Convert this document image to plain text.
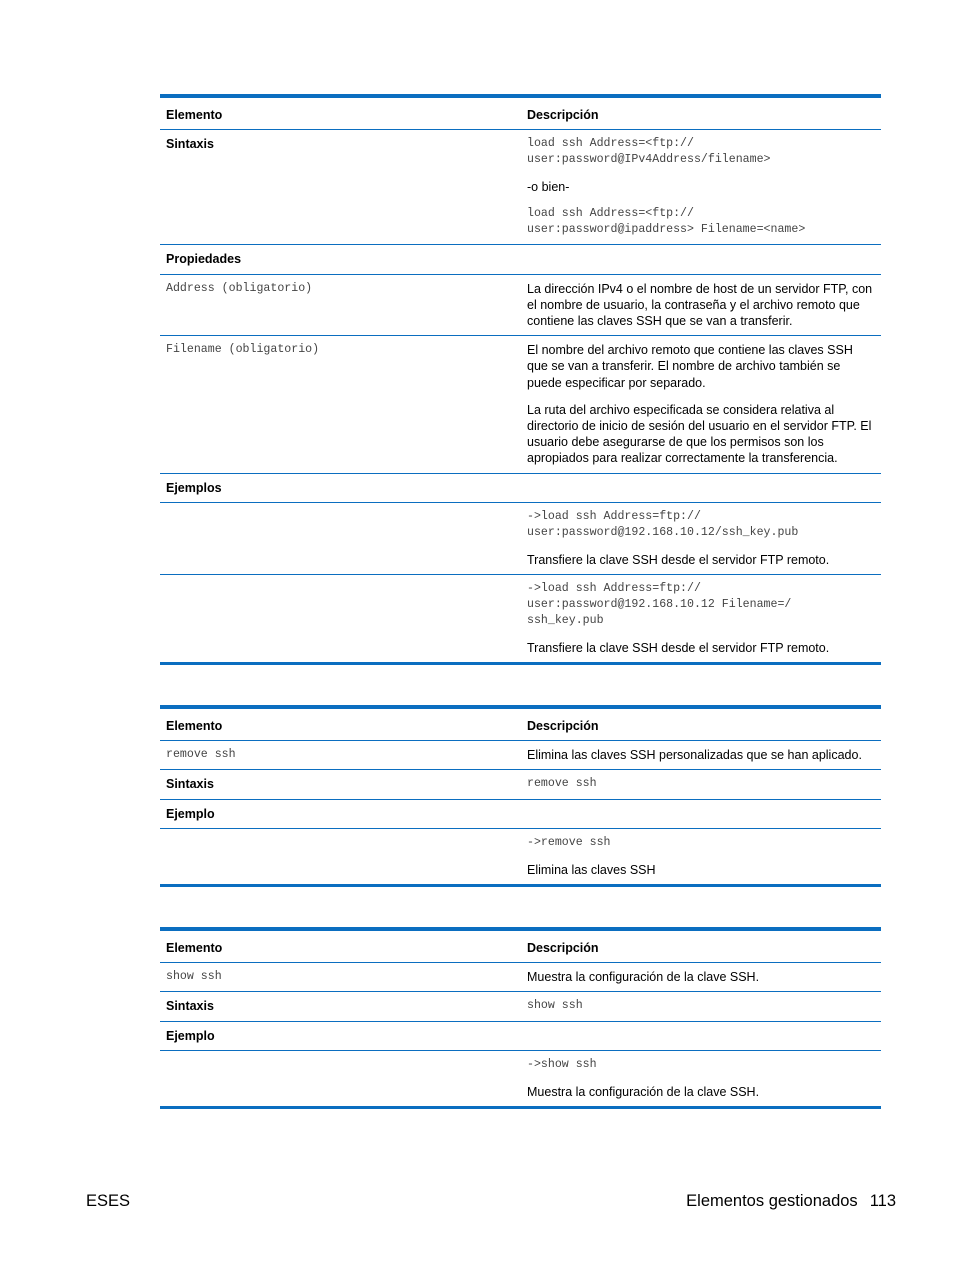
Elemento	Descripción
Sintaxis	load ssh Address=<ftp://
user:password@IPv4Address/filename>

-o bien-

load ssh Address=<ftp://
user:password@ipaddress> Filename=<name>

Propiedades	

Address (obligatorio)	La dirección IPv4 o el nombre de host de un servidor FTP, con el nombre de usuario, la contraseña y el archivo remoto que contiene las claves SSH que se van a transferir.

Filename (obligatorio)	El nombre del archivo remoto que contiene las claves SSH que se van a transferir. El nombre de archivo también se puede especificar por separado.

La ruta del archivo especificada se considera relativa al directorio de inicio de sesión del usuario en el servidor FTP. El usuario debe asegurarse de que los permisos son los apropiados para realizar correctamente la transferencia.

Ejemplos	

	->load ssh Address=ftp://
user:password@192.168.10.12/ssh_key.pub

Transfiere la clave SSH desde el servidor FTP remoto.

	->load ssh Address=ftp://
user:password@192.168.10.12 Filename=/
ssh_key.pub

Transfiere la clave SSH desde el servidor FTP remoto.

Elemento	Descripción

remove ssh	Elimina las claves SSH personalizadas que se han aplicado.
Sintaxis	remove ssh

Ejemplo	

	->remove ssh

Elimina las claves SSH

Elemento	Descripción

show ssh	Muestra la configuración de la clave SSH.
Sintaxis	show ssh

Ejemplo	

	->show ssh

Muestra la configuración de la clave SSH.

ESES	Elementos gestionados 113
